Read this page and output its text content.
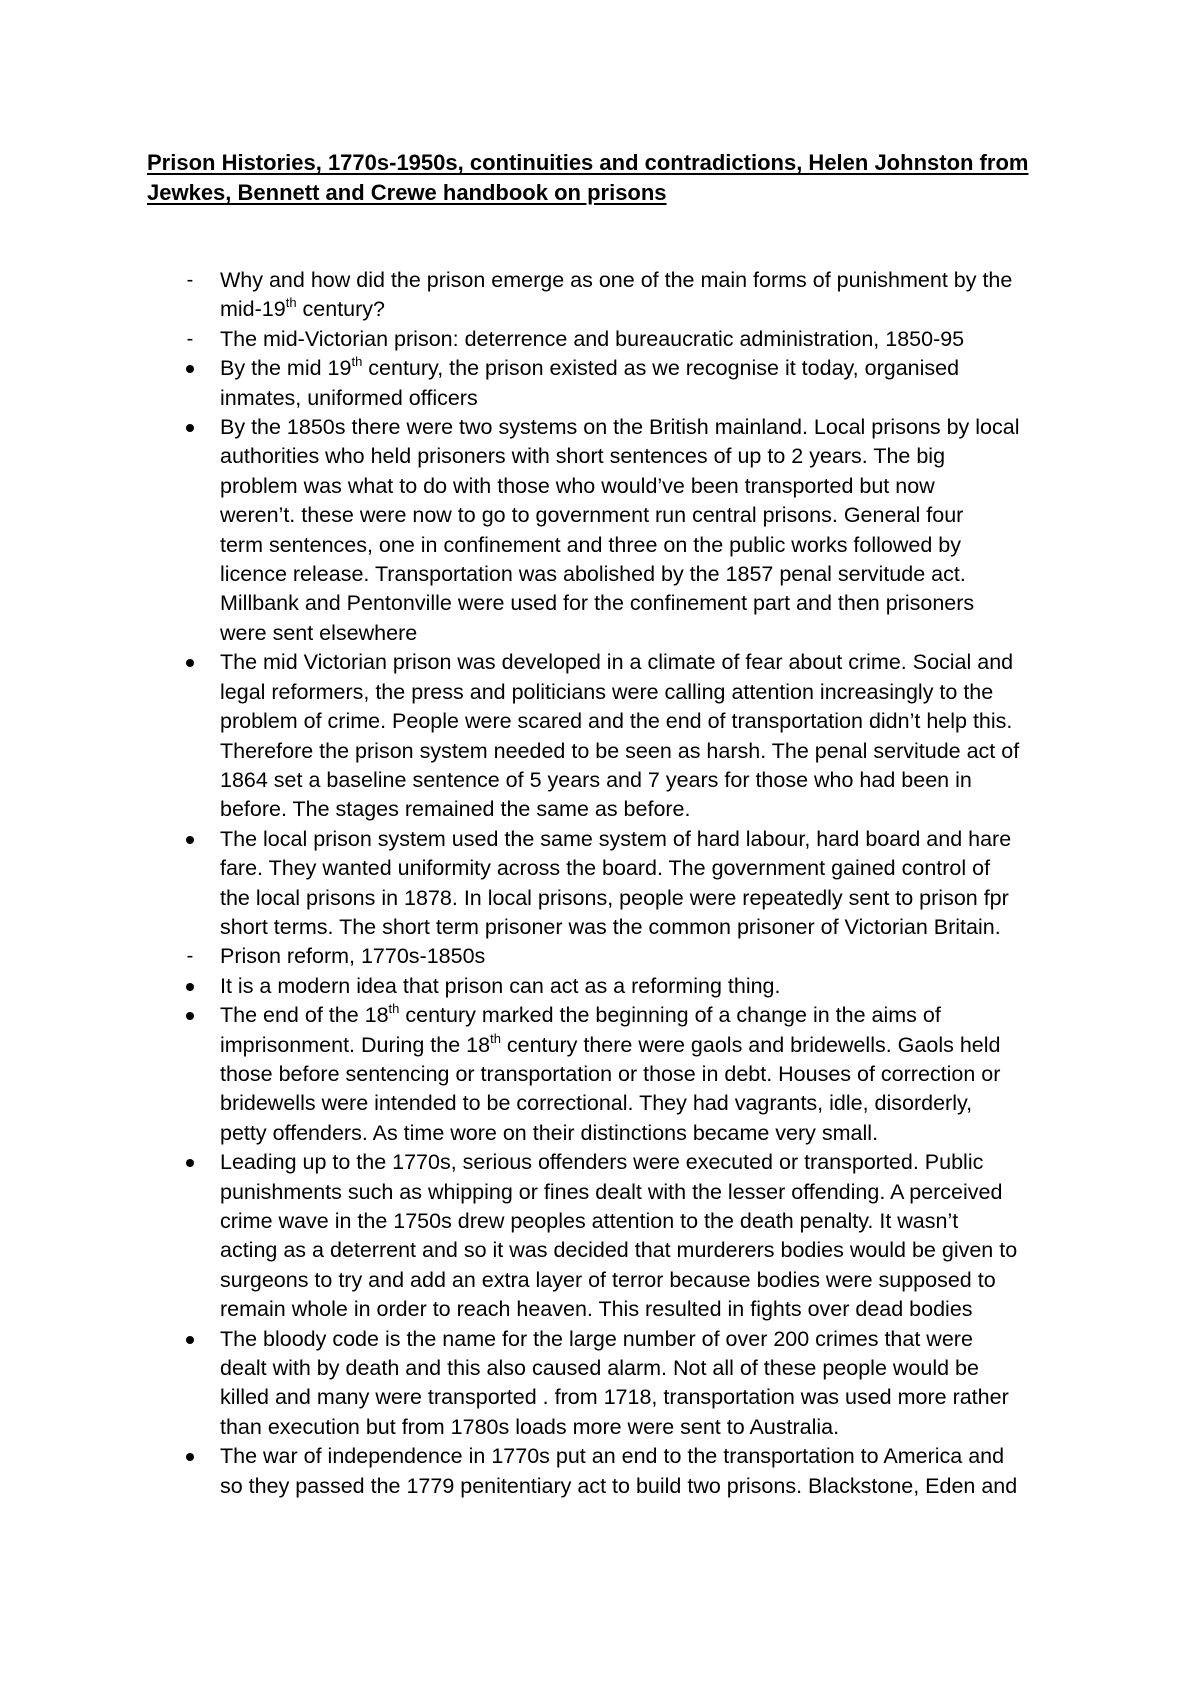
Prison Histories, 1770s-1950s, continuities and contradictions, Helen Johnston from
Jewkes, Bennett and Crewe handbook on prisons
- Why and how did the prison emerge as one of the main forms of punishment by the
mid-19th century?
- The mid-Victorian prison: deterrence and bureaucratic administration, 1850-95
By the mid 19th century, the prison existed as we recognise it today, organised
inmates, uniformed officers
By the 1850s there were two systems on the British mainland. Local prisons by local
authorities who held prisoners with short sentences of up to 2 years. The big
problem was what to do with those who would’ve been transported but now
weren’t. these were now to go to government run central prisons. General four
term sentences, one in confinement and three on the public works followed by
licence release. Transportation was abolished by the 1857 penal servitude act.
Millbank and Pentonville were used for the confinement part and then prisoners
were sent elsewhere
The mid Victorian prison was developed in a climate of fear about crime. Social and
legal reformers, the press and politicians were calling attention increasingly to the
problem of crime. People were scared and the end of transportation didn’t help this.
Therefore the prison system needed to be seen as harsh. The penal servitude act of
1864 set a baseline sentence of 5 years and 7 years for those who had been in
before. The stages remained the same as before.
The local prison system used the same system of hard labour, hard board and hare
fare. They wanted uniformity across the board. The government gained control of
the local prisons in 1878. In local prisons, people were repeatedly sent to prison fpr
short terms. The short term prisoner was the common prisoner of Victorian Britain.
- Prison reform, 1770s-1850s
It is a modern idea that prison can act as a reforming thing.
The end of the 18th century marked the beginning of a change in the aims of
imprisonment. During the 18th century there were gaols and bridewells. Gaols held
those before sentencing or transportation or those in debt. Houses of correction or
bridewells were intended to be correctional. They had vagrants, idle, disorderly,
petty offenders. As time wore on their distinctions became very small.
Leading up to the 1770s, serious offenders were executed or transported. Public
punishments such as whipping or fines dealt with the lesser offending. A perceived
crime wave in the 1750s drew peoples attention to the death penalty. It wasn’t
acting as a deterrent and so it was decided that murderers bodies would be given to
surgeons to try and add an extra layer of terror because bodies were supposed to
remain whole in order to reach heaven. This resulted in fights over dead bodies
The bloody code is the name for the large number of over 200 crimes that were
dealt with by death and this also caused alarm. Not all of these people would be
killed and many were transported . from 1718, transportation was used more rather
than execution but from 1780s loads more were sent to Australia.
The war of independence in 1770s put an end to the transportation to America and
so they passed the 1779 penitentiary act to build two prisons. Blackstone, Eden and
